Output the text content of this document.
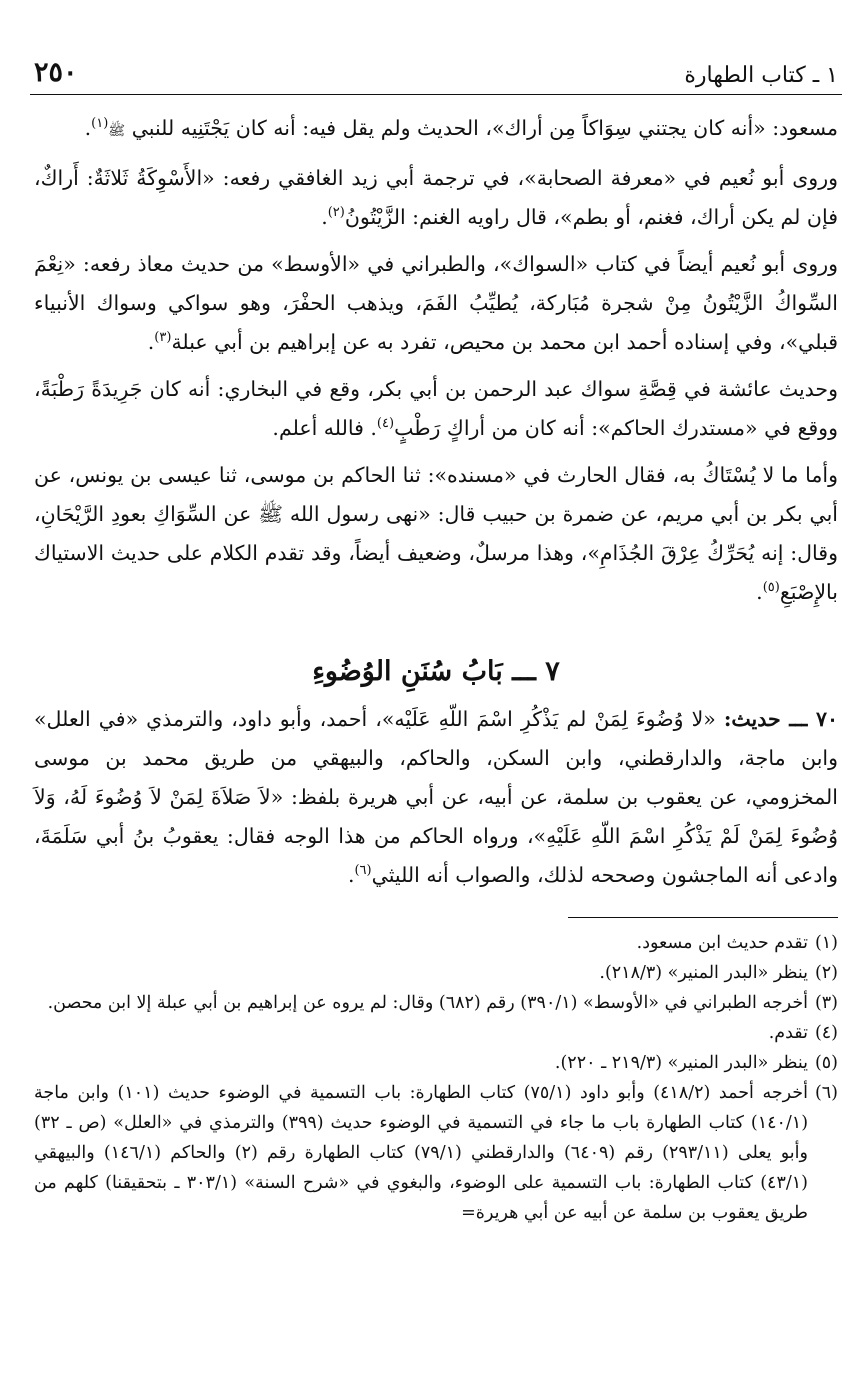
١ ـ كتاب الطهارة
٢٥٠

مسعود: «أنه كان يجتني سِوَاكاً مِن أراك»، الحديث ولم يقل فيه: أنه كان يَجْتَنِيه للنبي ﷺ$^{(١)}$.

وروى أبو نُعيم في «معرفة الصحابة»، في ترجمة أبي زيد الغافقي رفعه: «الأَسْوِكَةُ ثَلاثَةٌ: أَراكٌ، فإن لم يكن أراك، فغنم، أو بطم»، قال راويه الغنم: الزَّيْتُونُ$^{(٢)}$.

وروى أبو نُعيم أيضاً في كتاب «السواك»، والطبراني في «الأوسط» من حديث معاذ رفعه: «نِعْمَ السِّواكُ الزَّيْتُونُ مِنْ شجرة مُبَاركة، يُطيِّبُ الفَمَ، ويذهب الحفْرَ، وهو سواكي وسواك الأنبياء قبلي»، وفي إسناده أحمد ابن محمد بن محيص، تفرد به عن إبراهيم بن أبي عبلة$^{(٣)}$.

وحديث عائشة في قِصَّةِ سواك عبد الرحمن بن أبي بكر، وقع في البخاري: أنه كان جَرِيدَةً رَطْبَةً، ووقع في «مستدرك الحاكم»: أنه كان من أراكٍ رَطْبٍ$^{(٤)}$. فالله أعلم.

وأما ما لا يُسْتَاكُ به، فقال الحارث في «مسنده»: ثنا الحاكم بن موسى، ثنا عيسى بن يونس، عن أبي بكر بن أبي مريم، عن ضمرة بن حبيب قال: «نهى رسول الله ﷺ عن السِّوَاكِ بعودِ الرَّيْحَانِ، وقال: إنه يُحَرِّكُ عِرْقَ الجُذَامِ»، وهذا مرسلٌ، وضعيف أيضاً، وقد تقدم الكلام على حديث الاستياك بالإِصْبَعِ$^{(٥)}$.

٧ ـــ بَابُ سُنَنِ الوُضُوءِ

٧٠ ـــ حديث: «لا وُضُوءَ لِمَنْ لم يَذْكُرِ اسْمَ اللّهِ عَلَيْه»، أحمد، وأبو داود، والترمذي «في العلل» وابن ماجة، والدارقطني، وابن السكن، والحاكم، والبيهقي من طريق محمد بن موسى المخزومي، عن يعقوب بن سلمة، عن أبيه، عن أبي هريرة بلفظ: «لاَ صَلاَةَ لِمَنْ لاَ وُضُوءَ لَهُ، وَلاَ وُضُوءَ لِمَنْ لَمْ يَذْكُرِ اسْمَ اللّهِ عَلَيْهِ»، ورواه الحاكم من هذا الوجه فقال: يعقوبُ بنُ أبي سَلَمَةَ، وادعى أنه الماجشون وصححه لذلك، والصواب أنه الليثي$^{(٦)}$.

(١)
تقدم حديث ابن مسعود.
(٢)
ينظر «البدر المنير» (٢١٨/٣).
(٣)
أخرجه الطبراني في «الأوسط» (٣٩٠/١) رقم (٦٨٢) وقال: لم يروه عن إبراهيم بن أبي عبلة إلا ابن محصن.
(٤)
تقدم.
(٥)
ينظر «البدر المنير» (٢١٩/٣ ـ ٢٢٠).
(٦)
أخرجه أحمد (٤١٨/٢) وأبو داود (٧٥/١) كتاب الطهارة: باب التسمية في الوضوء حديث (١٠١) وابن ماجة (١٤٠/١) كتاب الطهارة باب ما جاء في التسمية في الوضوء حديث (٣٩٩) والترمذي في «العلل» (ص ـ ٣٢) وأبو يعلى (٢٩٣/١١) رقم (٦٤٠٩) والدارقطني (٧٩/١) كتاب الطهارة رقم (٢) والحاكم (١٤٦/١) والبيهقي (٤٣/١) كتاب الطهارة: باب التسمية على الوضوء، والبغوي في «شرح السنة» (٣٠٣/١ ـ بتحقيقنا) كلهم من طريق يعقوب بن سلمة عن أبيه عن أبي هريرة=
